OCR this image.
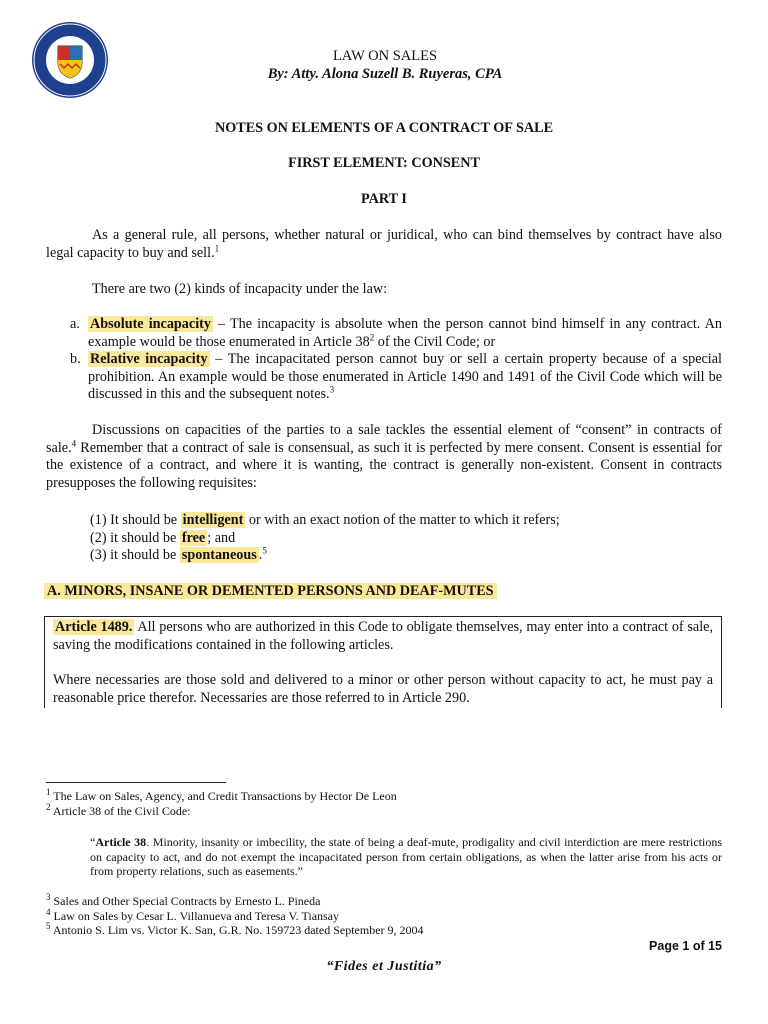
LAW ON SALES
By: Atty. Alona Suzell B. Ruyeras, CPA
NOTES ON ELEMENTS OF A CONTRACT OF SALE
FIRST ELEMENT: CONSENT
PART I
As a general rule, all persons, whether natural or juridical, who can bind themselves by contract have also legal capacity to buy and sell.$^1$
There are two (2) kinds of incapacity under the law:
a. Absolute incapacity – The incapacity is absolute when the person cannot bind himself in any contract. An example would be those enumerated in Article $38^2$ of the Civil Code; or
b. Relative incapacity – The incapacitated person cannot buy or sell a certain property because of a special prohibition. An example would be those enumerated in Article 1490 and 1491 of the Civil Code which will be discussed in this and the subsequent notes.$^3$
Discussions on capacities of the parties to a sale tackles the essential element of “consent” in contracts of sale.$^4$ Remember that a contract of sale is consensual, as such it is perfected by mere consent. Consent is essential for the existence of a contract, and where it is wanting, the contract is generally non-existent. Consent in contracts presupposes the following requisites:
(1) It should be intelligent or with an exact notion of the matter to which it refers;
(2) it should be free ; and
(3) it should be spontaneous .$^5$
A. MINORS, INSANE OR DEMENTED PERSONS AND DEAF-MUTES

Article 1489. All persons who are authorized in this Code to obligate themselves, may enter into a contract of sale, saving the modifications contained in the following articles.

Where necessaries are those sold and delivered to a minor or other person without capacity to act, he must pay a reasonable price therefor. Necessaries are those referred to in Article 290.

$^1$ The Law on Sales, Agency, and Credit Transactions by Hector De Leon
$^2$ Article 38 of the Civil Code:
“Article 38. Minority, insanity or imbecility, the state of being a deaf-mute, prodigality and civil interdiction are mere restrictions on capacity to act, and do not exempt the incapacitated person from certain obligations, as when the latter arise from his acts or from property relations, such as easements.”
$^3$ Sales and Other Special Contracts by Ernesto L. Pineda
$^4$ Law on Sales by Cesar L. Villanueva and Teresa V. Tiansay
$^5$ Antonio S. Lim vs. Victor K. San, G.R. No. 159723 dated September 9, 2004
Page 1 of 15
“Fides et Justitia”
